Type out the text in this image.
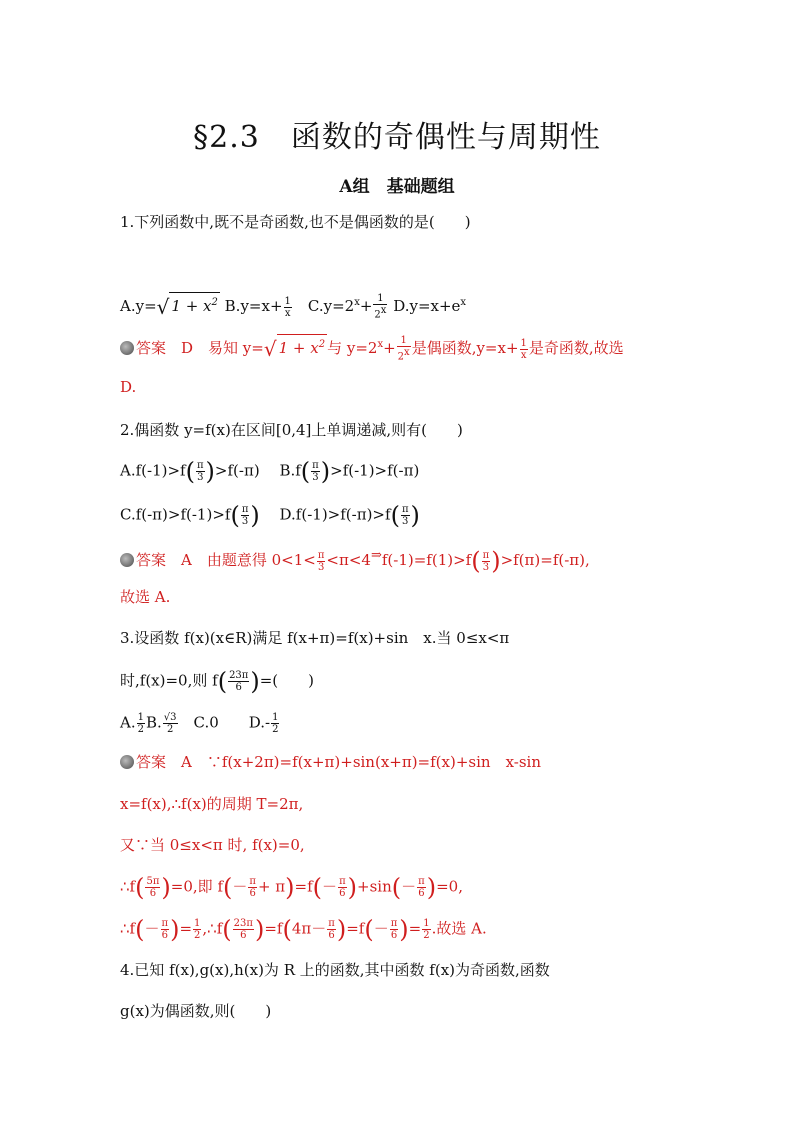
§2.3　函数的奇偶性与周期性
A组　基础题组
1.下列函数中,既不是奇函数,也不是偶函数的是(　　)
A.y=√ $1 + x^2$ $B.y=x+ \frac{1}{x}$ 　$C.y=2^x+ \frac{1}{2x} D.y=x+e^x$
答案　D　易知 y=√ $1 + x^2$ 与 $y=2^x+ \frac{1}{2x}$ 是偶函数$,y=x+ \frac{1}{x}$ 是奇函数,故选
D.
2.偶函数 y=f(x)在区间[0,4]上单调递减,则有(　　)
$A.f(-1)>f( \frac{\pi}{3} )>f(-\pi)$　 $B.f( \frac{\pi}{3} )>f(-1)>f(-\pi)$
$C.f(-\pi)>f(-1)>f( \frac{\pi}{3}$ )　 $D.f(-1)>f(-\pi)>f( \frac{\pi}{3}$ )
答案　A　由题意得 $0<1< \frac{\pi}{3}$ <π<4⇒f(-1)=f(1)>f( $\frac{\pi}{3} )>f(\pi)=f(-\pi)$,
故选 A.
3.设函数 f(x)(x∈R)满足 f(x+π)=f(x)+sin　x.当 0≤x<π
时,f(x)=0,则 $f( \frac{23\pi}{6}$ )=(　　)
A. $\frac{1}{2} B$. $\frac{√3}{2}$ 　C.0　　$D.- \frac{1}{2}$
答案　A　∵f(x+2π)=f(x+π)+sin(x+π)=f(x)+sin　x-sin
x=f(x),∴f(x)的周期 T=2π,
又∵当 0≤x<π 时, f(x)=0,
∴f( $\frac{5\pi}{6} )=0$,即 $f(- \frac{\pi}{6} + \pi)=f(- \frac{\pi}{6} )+\sin(- \frac{\pi}{6} )=0$,
∴f(－ $\frac{\pi}{6}$ )= $\frac{1}{2}$ ,∴f( $\frac{23\pi}{6} )=f(4\pi- \frac{\pi}{6} )=f(- \frac{\pi}{6}$ )= $\frac{1}{2}$ .故选 A.
4.已知 f(x),g(x),h(x)为 R 上的函数,其中函数 f(x)为奇函数,函数
g(x)为偶函数,则(　　)
